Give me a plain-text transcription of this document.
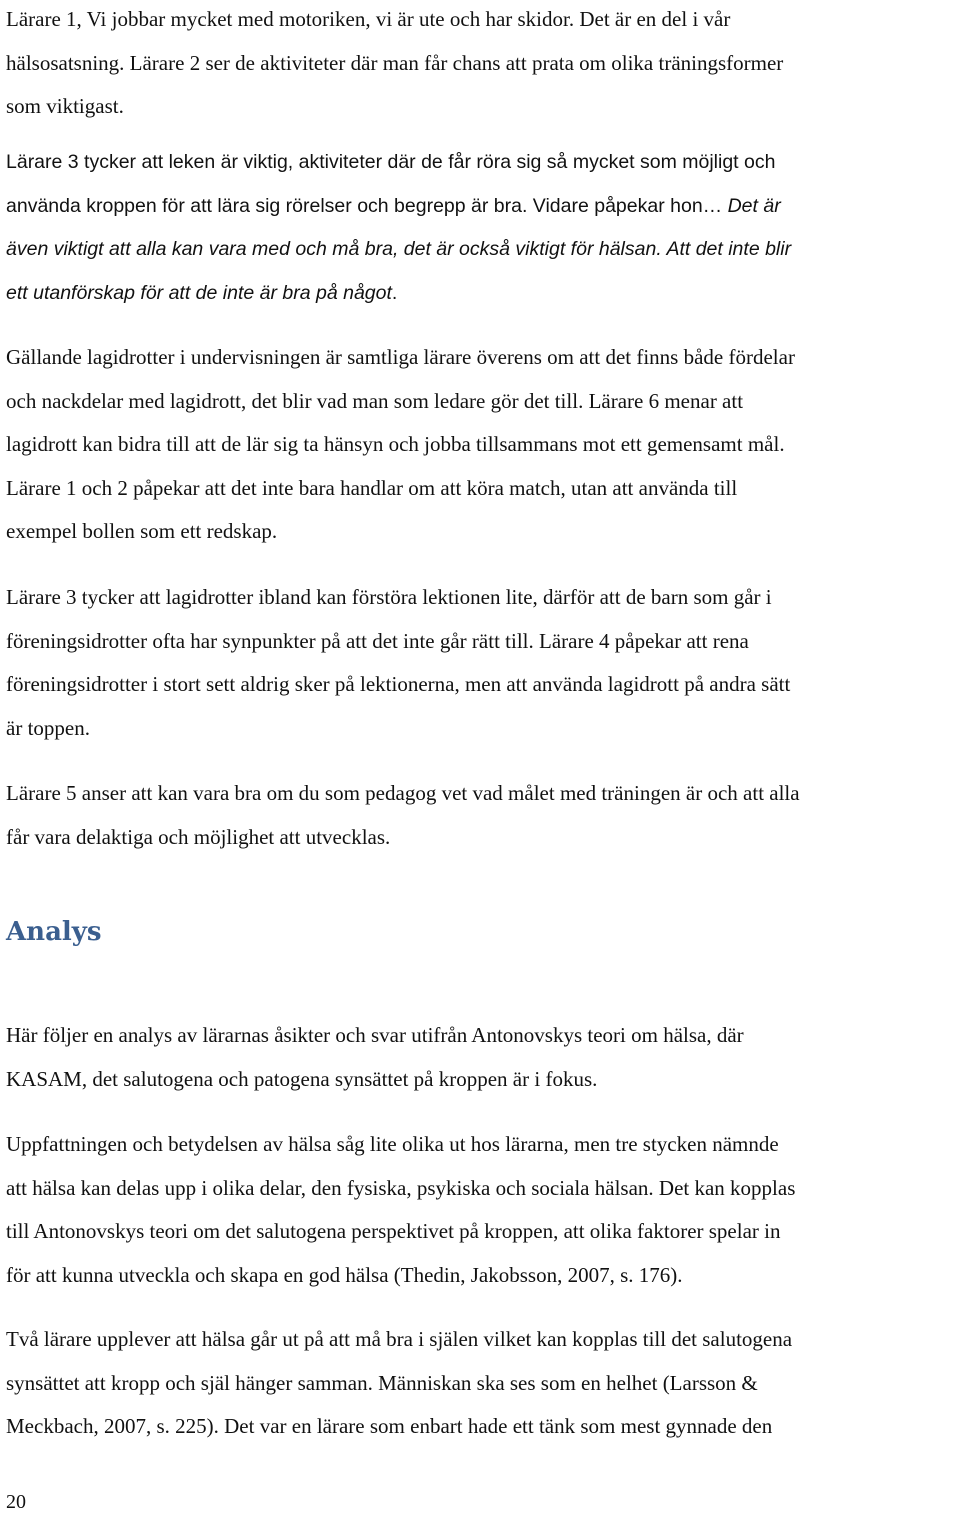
Lärare 1, Vi jobbar mycket med motoriken, vi är ute och har skidor. Det är en del i vår
hälsosatsning. Lärare 2 ser de aktiviteter där man får chans att prata om olika träningsformer
som viktigast.

Lärare 3 tycker att leken är viktig, aktiviteter där de får röra sig så mycket som möjligt och
använda kroppen för att lära sig rörelser och begrepp är bra. Vidare påpekar hon… Det är
även viktigt att alla kan vara med och må bra, det är också viktigt för hälsan. Att det inte blir
ett utanförskap för att de inte är bra på något.

Gällande lagidrotter i undervisningen är samtliga lärare överens om att det finns både fördelar
och nackdelar med lagidrott, det blir vad man som ledare gör det till. Lärare 6 menar att
lagidrott kan bidra till att de lär sig ta hänsyn och jobba tillsammans mot ett gemensamt mål.
Lärare 1 och 2 påpekar att det inte bara handlar om att köra match, utan att använda till
exempel bollen som ett redskap.

Lärare 3 tycker att lagidrotter ibland kan förstöra lektionen lite, därför att de barn som går i
föreningsidrotter ofta har synpunkter på att det inte går rätt till. Lärare 4 påpekar att rena
föreningsidrotter i stort sett aldrig sker på lektionerna, men att använda lagidrott på andra sätt
är toppen.

Lärare 5 anser att kan vara bra om du som pedagog vet vad målet med träningen är och att alla
får vara delaktiga och möjlighet att utvecklas.

Analys

Här följer en analys av lärarnas åsikter och svar utifrån Antonovskys teori om hälsa, där
KASAM, det salutogena och patogena synsättet på kroppen är i fokus.

Uppfattningen och betydelsen av hälsa såg lite olika ut hos lärarna, men tre stycken nämnde
att hälsa kan delas upp i olika delar, den fysiska, psykiska och sociala hälsan. Det kan kopplas
till Antonovskys teori om det salutogena perspektivet på kroppen, att olika faktorer spelar in
för att kunna utveckla och skapa en god hälsa (Thedin, Jakobsson, 2007, s. 176).

Två lärare upplever att hälsa går ut på att må bra i själen vilket kan kopplas till det salutogena
synsättet att kropp och själ hänger samman. Människan ska ses som en helhet (Larsson &
Meckbach, 2007, s. 225). Det var en lärare som enbart hade ett tänk som mest gynnade den

20
